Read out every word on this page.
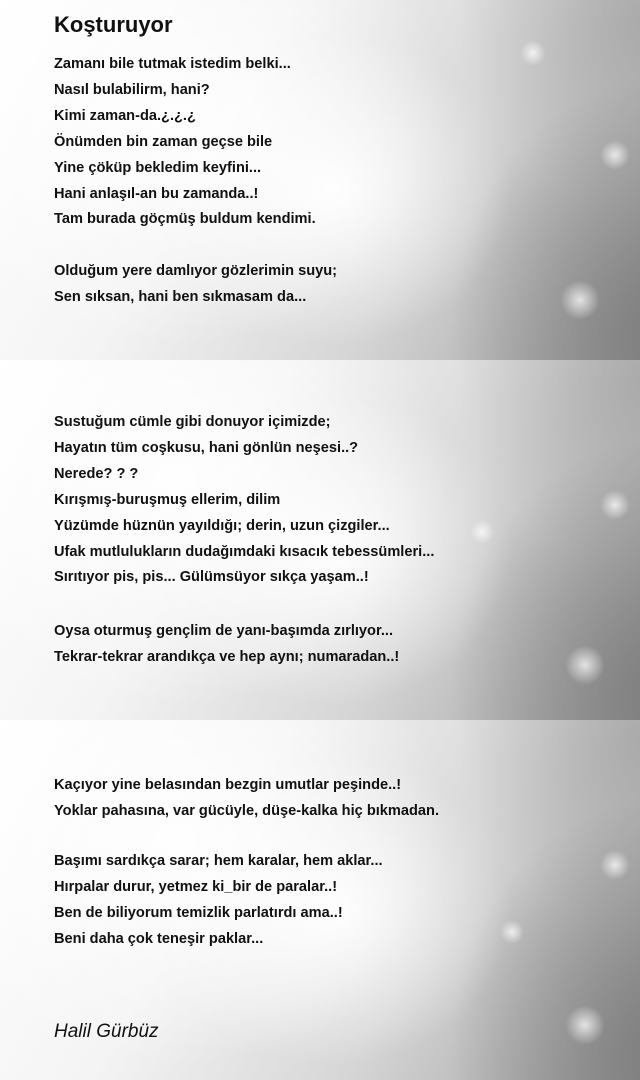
Koşturuyor
Zamanı bile tutmak istedim belki...
Nasıl bulabilirm, hani?
Kimi zaman-da.¿.¿.¿
Önümden bin zaman geçse bile
Yine çöküp bekledim keyfini...
Hani anlaşıl-an bu zamanda..!
Tam burada göçmüş buldum kendimi.
Olduğum yere damlıyor gözlerimin suyu;
Sen sıksan, hani ben sıkmasam da...
Sustuğum cümle gibi donuyor içimizde;
Hayatın tüm coşkusu, hani gönlün neşesi..?
Nerede? ? ?
Kırışmış-buruşmuş ellerim, dilim
Yüzümde hüznün yayıldığı; derin, uzun çizgiler...
Ufak mutlulukların dudağımdaki kısacık tebessümleri...
Sırıtıyor pis, pis... Gülümsüyor sıkça yaşam..!
Oysa oturmuş gençlim de yanı-başımda zırlıyor...
Tekrar-tekrar arandıkça ve hep aynı; numaradan..!
Kaçıyor yine belasından bezgin umutlar peşinde..!
Yoklar pahasına, var gücüyle, düşe-kalka hiç bıkmadan.
Başımı sardıkça sarar; hem karalar, hem aklar...
Hırpalar durur, yetmez ki_bir de paralar..!
Ben de biliyorum temizlik parlatırdı ama..!
Beni daha çok teneşir paklar...

Halil Gürbüz
